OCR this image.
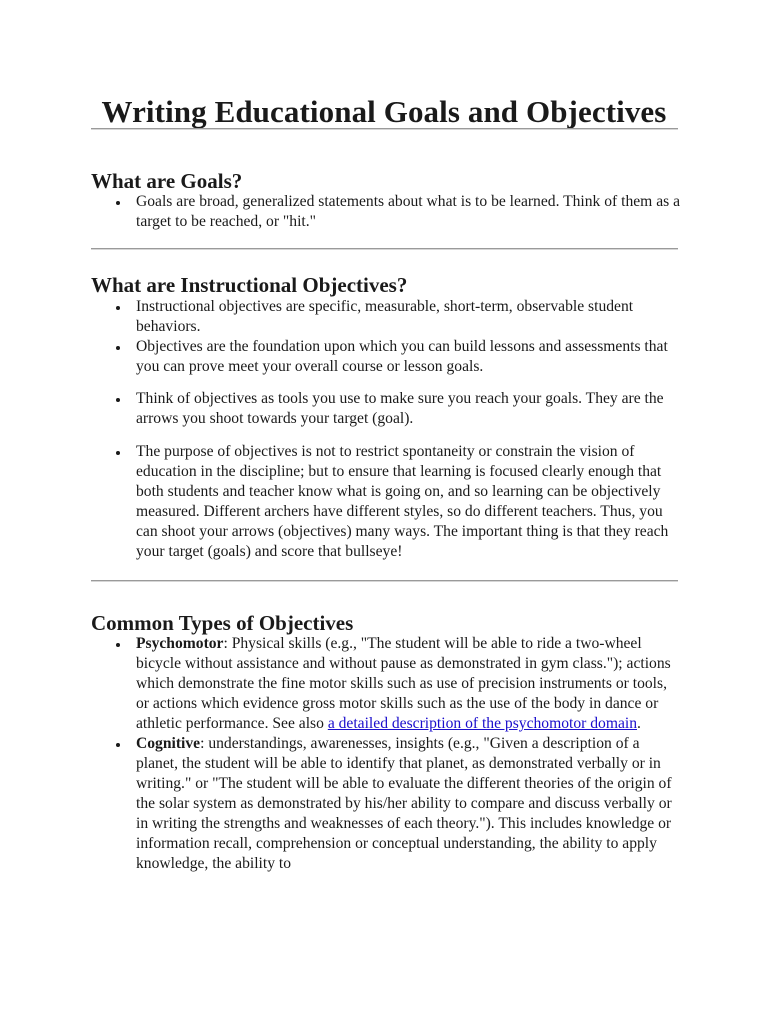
Writing Educational Goals and Objectives
What are Goals?
Goals are broad, generalized statements about what is to be learned. Think of them as a target to be reached, or "hit."
What are Instructional Objectives?
Instructional objectives are specific, measurable, short-term, observable student behaviors.
Objectives are the foundation upon which you can build lessons and assessments that you can prove meet your overall course or lesson goals.
Think of objectives as tools you use to make sure you reach your goals. They are the arrows you shoot towards your target (goal).
The purpose of objectives is not to restrict spontaneity or constrain the vision of education in the discipline; but to ensure that learning is focused clearly enough that both students and teacher know what is going on, and so learning can be objectively measured. Different archers have different styles, so do different teachers. Thus, you can shoot your arrows (objectives) many ways. The important thing is that they reach your target (goals) and score that bullseye!
Common Types of Objectives
Psychomotor: Physical skills (e.g., "The student will be able to ride a two-wheel bicycle without assistance and without pause as demonstrated in gym class."); actions which demonstrate the fine motor skills such as use of precision instruments or tools, or actions which evidence gross motor skills such as the use of the body in dance or athletic performance. See also a detailed description of the psychomotor domain.
Cognitive: understandings, awarenesses, insights (e.g., "Given a description of a planet, the student will be able to identify that planet, as demonstrated verbally or in writing." or "The student will be able to evaluate the different theories of the origin of the solar system as demonstrated by his/her ability to compare and discuss verbally or in writing the strengths and weaknesses of each theory."). This includes knowledge or information recall, comprehension or conceptual understanding, the ability to apply knowledge, the ability to
